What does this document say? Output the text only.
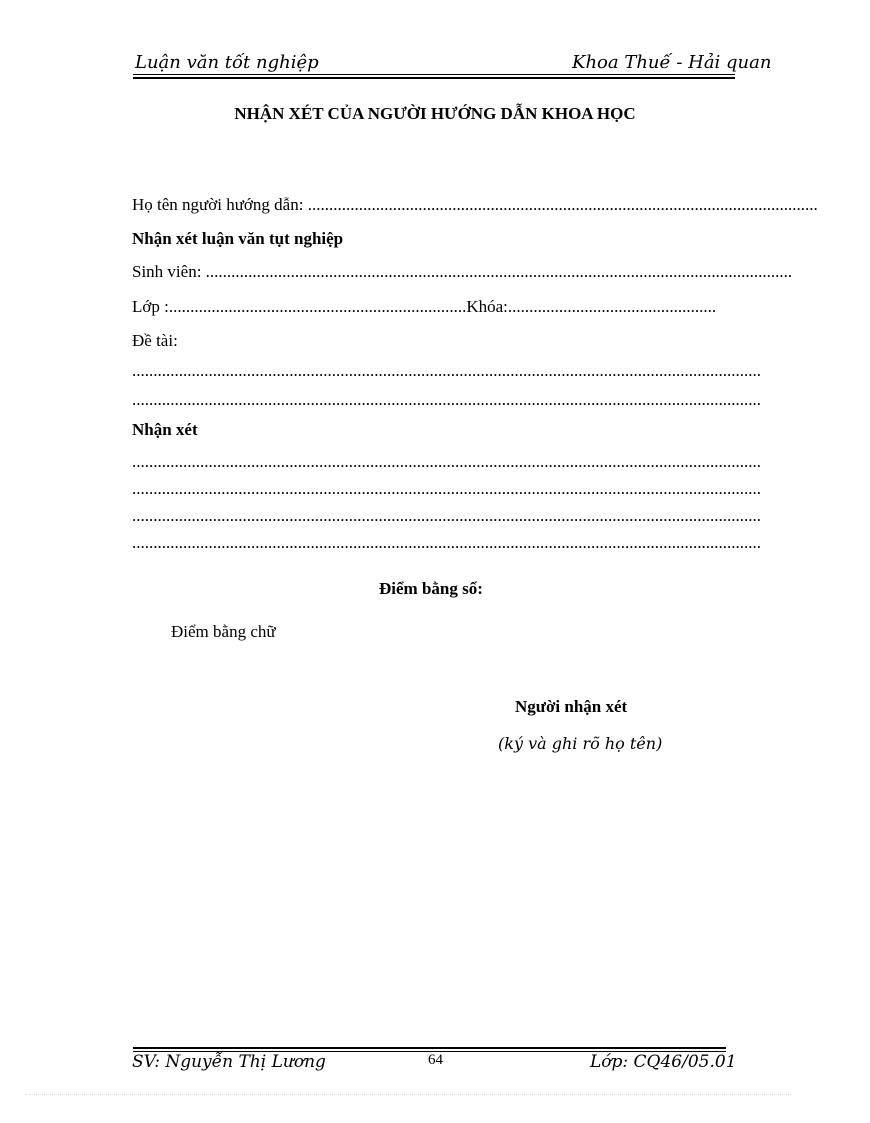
Luận văn tốt nghiệp	Khoa Thuế - Hải quan
NHẬN XÉT CỦA NGƯỜI HƯỚNG DẪN KHOA HỌC
Họ tên người hướng dẫn: ........................................................................................................................
Nhận xét luận văn tụt nghiệp
Sinh viên: ..........................................................................................................................................
Lớp :......................................................................Khóa:.................................................
Đề tài:
....................................................................................................................................................
....................................................................................................................................................
Nhận xét
....................................................................................................................................................
....................................................................................................................................................
....................................................................................................................................................
....................................................................................................................................................
Điểm bằng số:
Điểm bằng chữ
Người nhận xét
(ký và ghi rõ họ tên)
SV: Nguyễn Thị Lương	64	Lớp: CQ46/05.01
